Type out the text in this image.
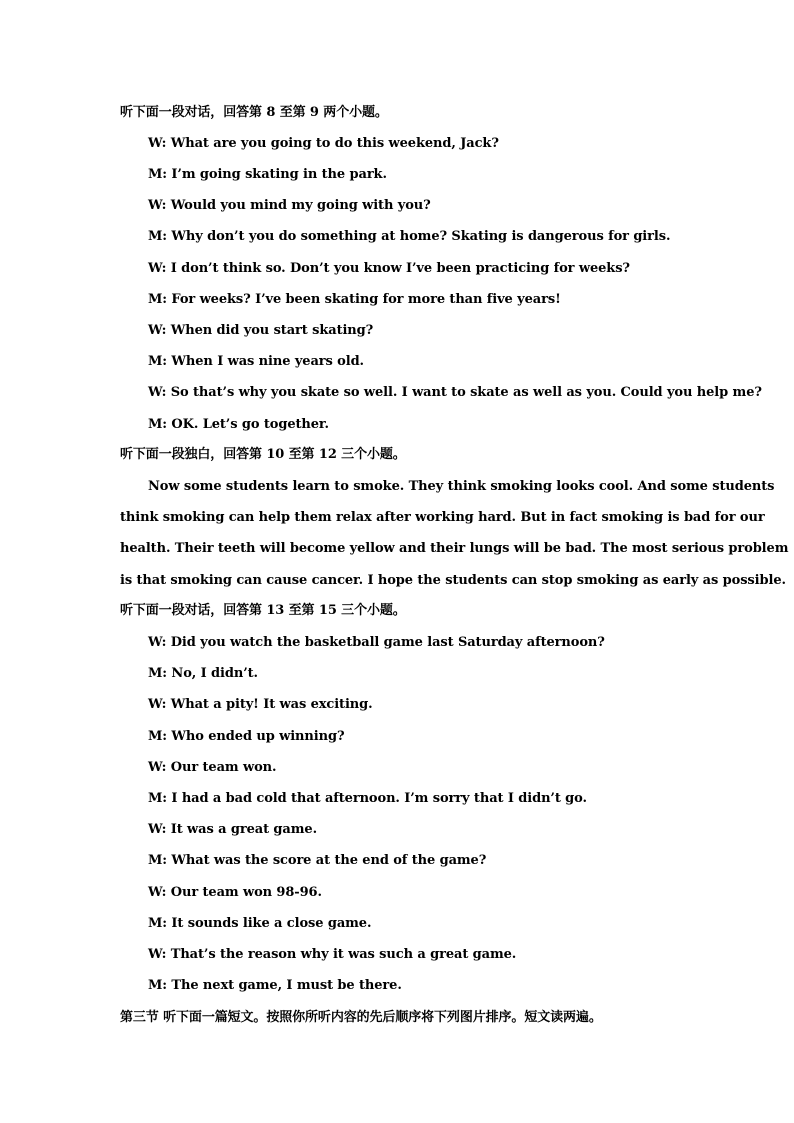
听下面一段对话，回答第 8 至第 9 两个小题。
W: What are you going to do this weekend, Jack?
M: I’m going skating in the park.
W: Would you mind my going with you?
M: Why don’t you do something at home? Skating is dangerous for girls.
W: I don’t think so. Don’t you know I’ve been practicing for weeks?
M: For weeks? I’ve been skating for more than five years!
W: When did you start skating?
M: When I was nine years old.
W: So that’s why you skate so well. I want to skate as well as you. Could you help me?
M: OK. Let’s go together.
听下面一段独白，回答第 10 至第 12 三个小题。
Now some students learn to smoke. They think smoking looks cool. And some students
think smoking can help them relax after working hard. But in fact smoking is bad for our
health. Their teeth will become yellow and their lungs will be bad. The most serious problem
is that smoking can cause cancer. I hope the students can stop smoking as early as possible.
听下面一段对话，回答第 13 至第 15 三个小题。
W: Did you watch the basketball game last Saturday afternoon?
M: No, I didn’t.
W: What a pity! It was exciting.
M: Who ended up winning?
W: Our team won.
M: I had a bad cold that afternoon. I’m sorry that I didn’t go.
W: It was a great game.
M: What was the score at the end of the game?
W: Our team won 98-96.
M: It sounds like a close game.
W: That’s the reason why it was such a great game.
M: The next game, I must be there.
第三节 听下面一篇短文。按照你所听内容的先后顺序将下列图片排序。短文读两遍。
